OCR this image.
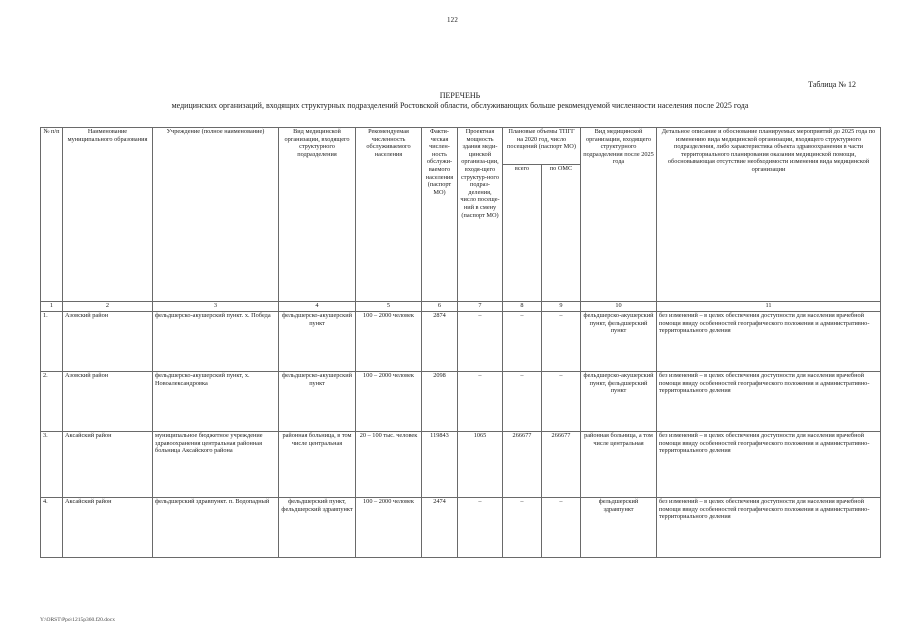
122
Таблица № 12
ПЕРЕЧЕНЬ
медицинских организаций, входящих структурных подразделений Ростовской области, обслуживающих больше рекомендуемой численности населения после 2025 года
№ п/п	Наименование муниципального образования	Учреждение (полное наименование)	Вид медицинской организации, входящего структурного подразделения	Рекомендуемая численность обслуживаемого населения	Факти-ческая числен-ность обслужи-ваемого населения (паспорт МО)	Проектная мощность здания меди-цинской организа-ции, входя-щего структур-ного подраз-деления, число посеще-ний в смену (паспорт МО)	Плановые объемы ТПГГ на 2020 год, число посещений (паспорт МО)		Вид медицинской организации, входящего структурного подразделения после 2025 года	Детальное описание и обоснование планируемых мероприятий до 2025 года по изменению вида медицинской организации, входящего структурного подразделения, либо характеристика объекта здравоохранения в части территориального планирования оказания медицинской помощи, обосновывающая отсутствие необходимости изменения вида медицинской организации
							всего	по ОМС		
1	2	3	4	5	6	7	8	9	10	11
1.	Азовский район	фельдшерско-акушерский пункт. х. Победа	фельдшерско-акушерский пункт	100 – 2000 человек	2874	–	–	–	фельдшерско-акушерский пункт, фельдшерский пункт	без изменений – в целях обеспечения доступности для населения врачебной помощи ввиду особенностей географического положения и административно-территориального деления
2.	Азовский район	фельдшерско-акушерский пункт, х. Новоалександровка	фельдшерско-акушерский пункт	100 – 2000 человек	2098	–	–	–	фельдшерско-акушерский пункт, фельдшерский пункт	без изменений – в целях обеспечения доступности для населения врачебной помощи ввиду особенностей географического положения и административно-территориального деления
3.	Аксайский район	муниципальное бюджетное учреждение здравоохранения центральная районная больница Аксайского района	районная больница, в том числе центральная	20 – 100 тыс. человек	119843	1065	266677	266677	районная больница, а том числе центральная	без изменений – в целях обеспечения доступности для населения врачебной помощи ввиду особенностей географического положения и административно-территориального деления
4.	Аксайский район	фельдшерский здравпункт. п. Водопадный	фельдшерский пункт, фельдшерский здравпункт	100 – 2000 человек	2474	–	–	–	фельдшерский здравпункт	без изменений – в целях обеспечения доступности для населения врачебной помощи ввиду особенностей географического положения и административно-территориального деления
Y:\ORST\Ppo\1215p360.f20.docx
